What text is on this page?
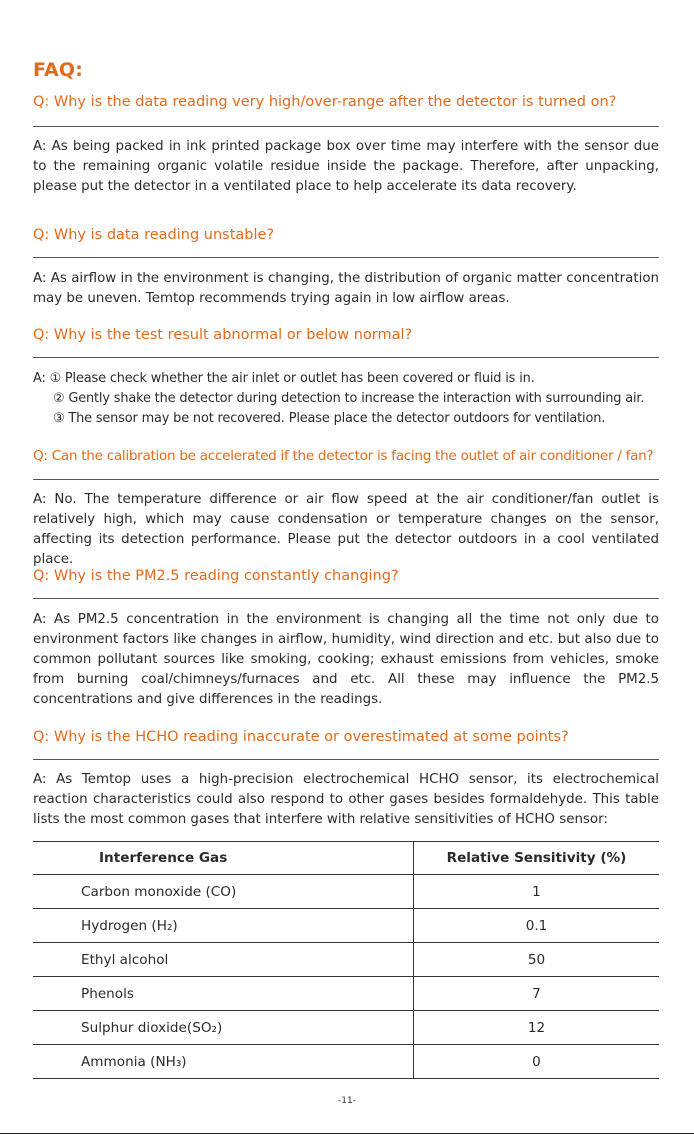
FAQ:
Q: Why is the data reading very high/over-range after the detector is turned on?
A: As being packed in ink printed package box over time may interfere with the sensor due to the remaining organic volatile residue inside the package. Therefore, after unpacking, please put the detector in a ventilated place to help accelerate its data recovery.
Q: Why is data reading unstable?
A: As airflow in the environment is changing, the distribution of organic matter concentration may be uneven. Temtop recommends trying again in low airflow areas.
Q: Why is the test result abnormal or below normal?
A: ① Please check whether the air inlet or outlet has been covered or fluid is in.
② Gently shake the detector during detection to increase the interaction with surrounding air.
③ The sensor may be not recovered. Please place the detector outdoors for ventilation.
Q: Can the calibration be accelerated if the detector is facing the outlet of air conditioner / fan?
A: No. The temperature difference or air flow speed at the air conditioner/fan outlet is relatively high, which may cause condensation or temperature changes on the sensor, affecting its detection performance. Please put the detector outdoors in a cool ventilated place.
Q: Why is the PM2.5 reading constantly changing?
A: As PM2.5 concentration in the environment is changing all the time not only due to environment factors like changes in airflow, humidity, wind direction and etc. but also due to common pollutant sources like smoking, cooking; exhaust emissions from vehicles, smoke from burning coal/chimneys/furnaces and etc. All these may influence the PM2.5 concentrations and give differences in the readings.
Q: Why is the HCHO reading inaccurate or overestimated at some points?
A: As Temtop uses a high-precision electrochemical HCHO sensor, its electrochemical reaction characteristics could also respond to other gases besides formaldehyde. This table lists the most common gases that interfere with relative sensitivities of HCHO sensor:
Interference Gas	Relative Sensitivity (%)
Carbon monoxide (CO)	1
Hydrogen (H₂)	0.1
Ethyl alcohol	50
Phenols	7
Sulphur dioxide(SO₂)	12
Ammonia (NH₃)	0
-11-
